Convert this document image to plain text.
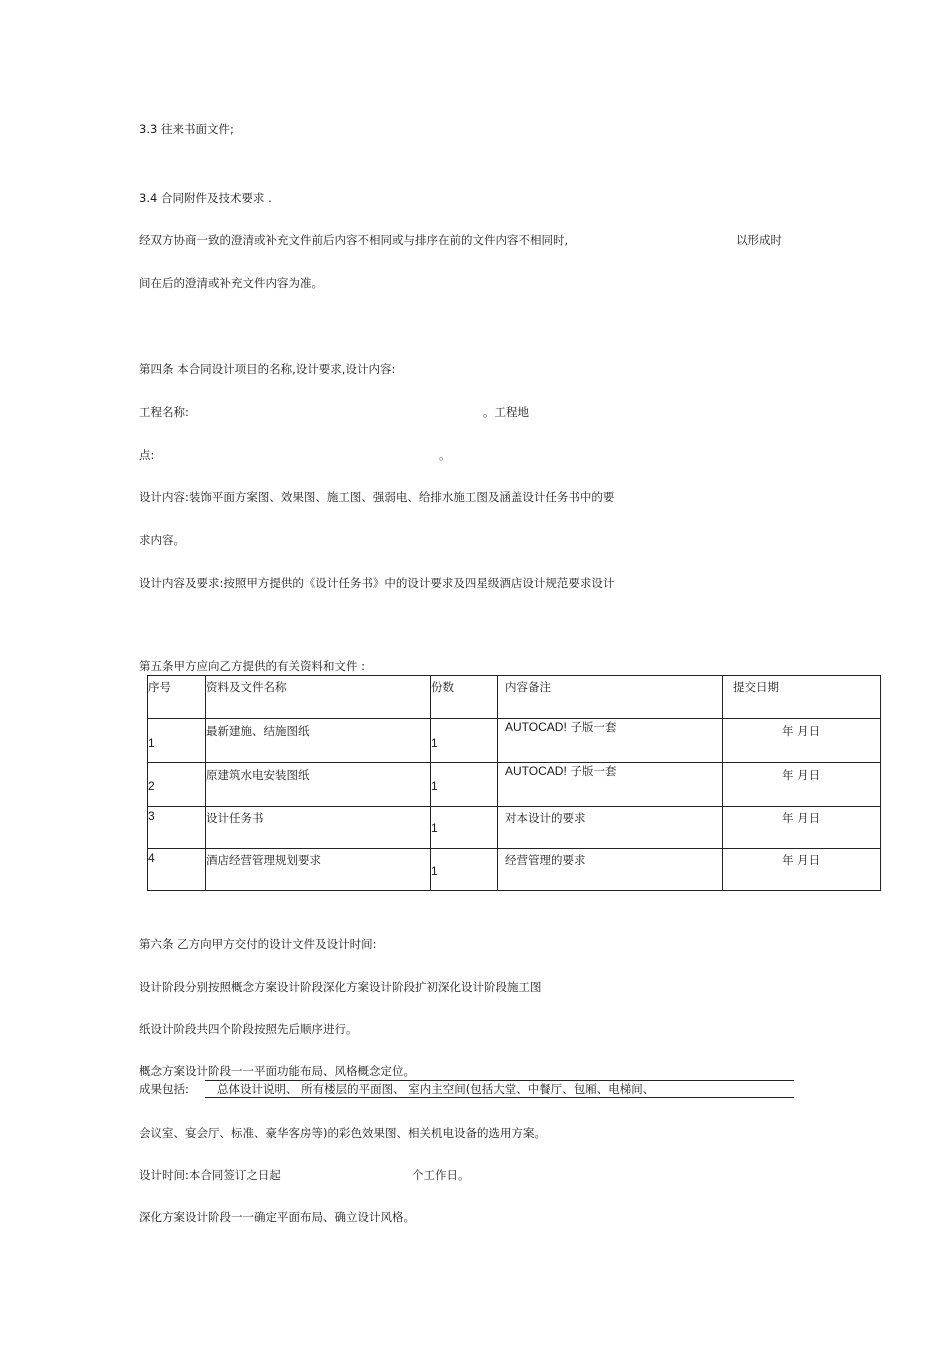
3.3 往来书面文件;
3.4 合同附件及技术要求 .
经双方协商一致的澄清或补充文件前后内容不相同或与排序在前的文件内容不相同时,	以形成时
间在后的澄清或补充文件内容为准。
第四条 本合同设计项目的名称,设计要求,设计内容:
工程名称:	。工程地
点:	。
设计内容:装饰平面方案图、效果图、施工图、强弱电、给排水施工图及涵盖设计任务书中的要
求内容。
设计内容及要求:按照甲方提供的《设计任务书》中的设计要求及四星级酒店设计规范要求设计
第五条甲方应向乙方提供的有关资料和文件 :
序号	资料及文件名称	份数	内容备注	提交日期

1	最新建施、结施图纸	1	AUTOCAD! 子版一套	年 月日

2	原建筑水电安装图纸	1	AUTOCAD! 子版一套	年 月日

3	设计任务书	1	对本设计的要求	年 月日

4	酒店经营管理规划要求	1	经营管理的要求	年 月日
第六条 乙方向甲方交付的设计文件及设计时间:
设计阶段分别按照概念方案设计阶段深化方案设计阶段扩初深化设计阶段施工图
纸设计阶段共四个阶段按照先后顺序进行。
概念方案设计阶段一一平面功能布局、风格概念定位。
成果包括: 总体设计说明、 所有楼层的平面图、 室内主空间(包括大堂、中餐厅、包厢、电梯间、
会议室、宴会厅、标准、豪华客房等)的彩色效果图、相关机电设备的选用方案。
设计时间:本合同签订之日起	个工作日。
深化方案设计阶段一一确定平面布局、确立设计风格。
